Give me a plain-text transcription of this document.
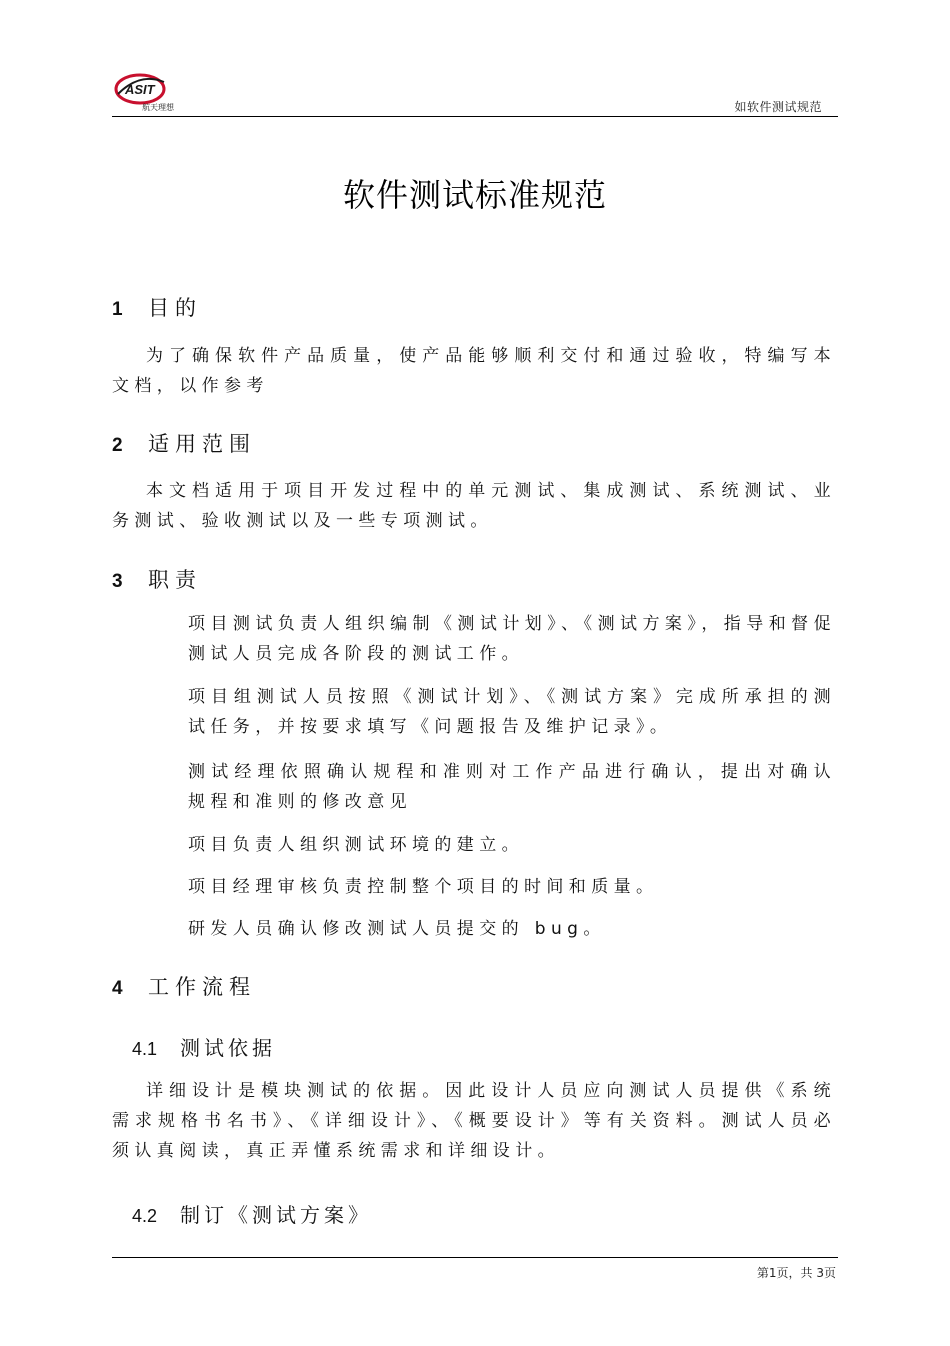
ASIT
航天理想	如软件测试规范
软件测试标准规范
1	目的
为了确保软件产品质量，使产品能够顺利交付和通过验收，特编写本文档，以作参考
2	适用范围
本文档适用于项目开发过程中的单元测试、集成测试、系统测试、业务测试、验收测试以及一些专项测试。
3	职责
项目测试负责人组织编制《测试计划》、《测试方案》，指导和督促测试人员完成各阶段的测试工作。
项目组测试人员按照《测试计划》、《测试方案》完成所承担的测试任务，并按要求填写《问题报告及维护记录》。
测试经理依照确认规程和准则对工作产品进行确认，提出对确认规程和准则的修改意见
项目负责人组织测试环境的建立。
项目经理审核负责控制整个项目的时间和质量。
研发人员确认修改测试人员提交的 bug。
4	工作流程
4.1	测试依据
详细设计是模块测试的依据。因此设计人员应向测试人员提供《系统需求规格书名书》、《详细设计》、《概要设计》等有关资料。测试人员必须认真阅读，真正弄懂系统需求和详细设计。
4.2	制订《测试方案》
第1页，共 3页
